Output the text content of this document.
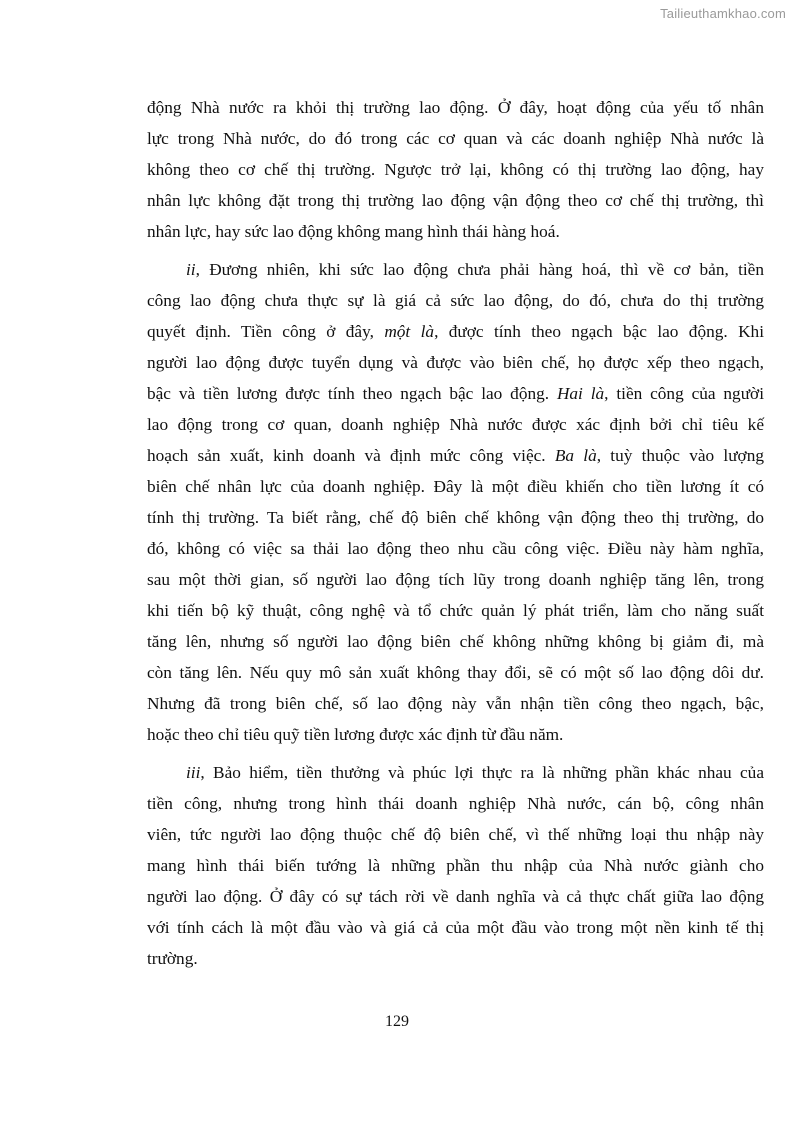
Tailieuthamkhao.com
động Nhà nước ra khỏi thị trường lao động. Ở đây, hoạt động của yếu tố nhân
lực trong Nhà nước, do đó trong các cơ quan và các doanh nghiệp Nhà nước là
không theo cơ chế thị trường. Ngược trở lại, không có thị trường lao động, hay
nhân lực không đặt trong thị trường lao động vận động theo cơ chế thị trường, thì
nhân lực, hay sức lao động không mang hình thái hàng hoá.
ii, Đương nhiên, khi sức lao động chưa phải hàng hoá, thì về cơ bản, tiền
công lao động chưa thực sự là giá cả sức lao động, do đó, chưa do thị trường
quyết định. Tiền công ở đây, một là, được tính theo ngạch bậc lao động. Khi
người lao động được tuyển dụng và được vào biên chế, họ được xếp theo ngạch,
bậc và tiền lương được tính theo ngạch bậc lao động. Hai là, tiền công của người
lao động trong cơ quan, doanh nghiệp Nhà nước được xác định bởi chỉ tiêu kế
hoạch sản xuất, kinh doanh và định mức công việc. Ba là, tuỳ thuộc vào lượng
biên chế nhân lực của doanh nghiệp. Đây là một điều khiến cho tiền lương ít có
tính thị trường. Ta biết rằng, chế độ biên chế không vận động theo thị trường, do
đó, không có việc sa thải lao động theo nhu cầu công việc. Điều này hàm nghĩa,
sau một thời gian, số người lao động tích lũy trong doanh nghiệp tăng lên, trong
khi tiến bộ kỹ thuật, công nghệ và tổ chức quản lý phát triển, làm cho năng suất
tăng lên, nhưng số người lao động biên chế không những không bị giảm đi, mà
còn tăng lên. Nếu quy mô sản xuất không thay đổi, sẽ có một số lao động dôi dư.
Nhưng đã trong biên chế, số lao động này vẫn nhận tiền công theo ngạch, bậc,
hoặc theo chỉ tiêu quỹ tiền lương được xác định từ đầu năm.
iii, Bảo hiểm, tiền thưởng và phúc lợi thực ra là những phần khác nhau của
tiền công, nhưng trong hình thái doanh nghiệp Nhà nước, cán bộ, công nhân
viên, tức người lao động thuộc chế độ biên chế, vì thế những loại thu nhập này
mang hình thái biến tướng là những phần thu nhập của Nhà nước giành cho
người lao động. Ở đây có sự tách rời về danh nghĩa và cả thực chất giữa lao động
với tính cách là một đầu vào và giá cả của một đầu vào trong một nền kinh tế thị
trường.
129
